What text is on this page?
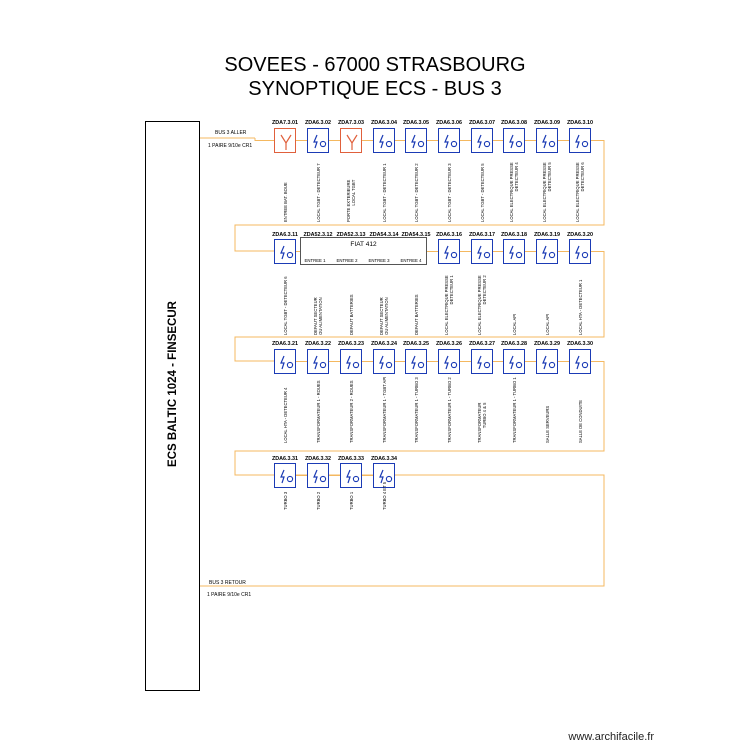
SOVEES - 67000 STRASBOURG
SYNOPTIQUE ECS - BUS 3
ECS BALTIC 1024 - FINSECUR
BUS 3 ALLER
1 PAIRE 9/10e CR1
BUS 3 RETOUR
1 PAIRE 9/10e CR1
FIAT 412
ENTREE 1	ENTREE 2	ENTREE 3	ENTREE 4
ZDA7.3.01
ENTREE BAT. BOUE
ZDA6.3.02
LOCAL TGBT - DETECTEUR 7
ZDA7.3.03
PORTE EXTERIEURE
LOCAL TGBT
ZDA6.3.04
LOCAL TGBT - DETECTEUR 1
ZDA6.3.05
LOCAL TGBT - DETECTEUR 2
ZDA6.3.06
LOCAL TGBT - DETECTEUR 3
ZDA6.3.07
LOCAL TGBT - DETECTEUR 5
ZDA6.3.08
LOCAL ELECTRIQUE PRESSE
DETECTEUR 4
ZDA6.3.09
LOCAL ELECTRIQUE PRESSE
DETECTEUR 5
ZDA6.3.10
LOCAL ELECTRIQUE PRESSE
DETECTEUR 6
ZDA6.3.11
LOCAL TGBT - DETECTEUR 6
ZDA52.3.12
DEFAUT SECTEUR
OU ALIMENTATION
ZDA52.3.13
DEFAUT BATTERIES
ZDA54.3.14
DEFAUT SECTEUR
OU ALIMENTATION
ZDA54.3.15
DEFAUT BATTERIES
ZDA6.3.16
LOCAL ELECTRIQUE PRESSE
DETECTEUR 1
ZDA6.3.17
LOCAL ELECTRIQUE PRESSE
DETECTEUR 2
ZDA6.3.18
LOCAL API
ZDA6.3.19
LOCAL API
ZDA6.3.20
LOCAL HTA - DETECTEUR 1
ZDA6.3.21
LOCAL HTA - DETECTEUR 4
ZDA6.3.22
TRANSFORMATEUR 1 - ROUES
ZDA6.3.23
TRANSFORMATEUR 2 - ROUES
ZDA6.3.24
TRANSFORMATEUR 1 - TGBT API
ZDA6.3.25
TRANSFORMATEUR 1 - TURBO 3
ZDA6.3.26
TRANSFORMATEUR 1 - TURBO 2
ZDA6.3.27
TRANSFORMATEUR
TURBO 4 & 5
ZDA6.3.28
TRANSFORMATEUR 1 - TURBO 1
ZDA6.3.29
SALLE SERVEURS
ZDA6.3.30
SALLE DE CONDUITE
ZDA6.3.31
TURBO 3
ZDA6.3.32
TURBO 2
ZDA6.3.33
TURBO 1
ZDA6.3.34
TURBO 4 ET 5
www.archifacile.fr
